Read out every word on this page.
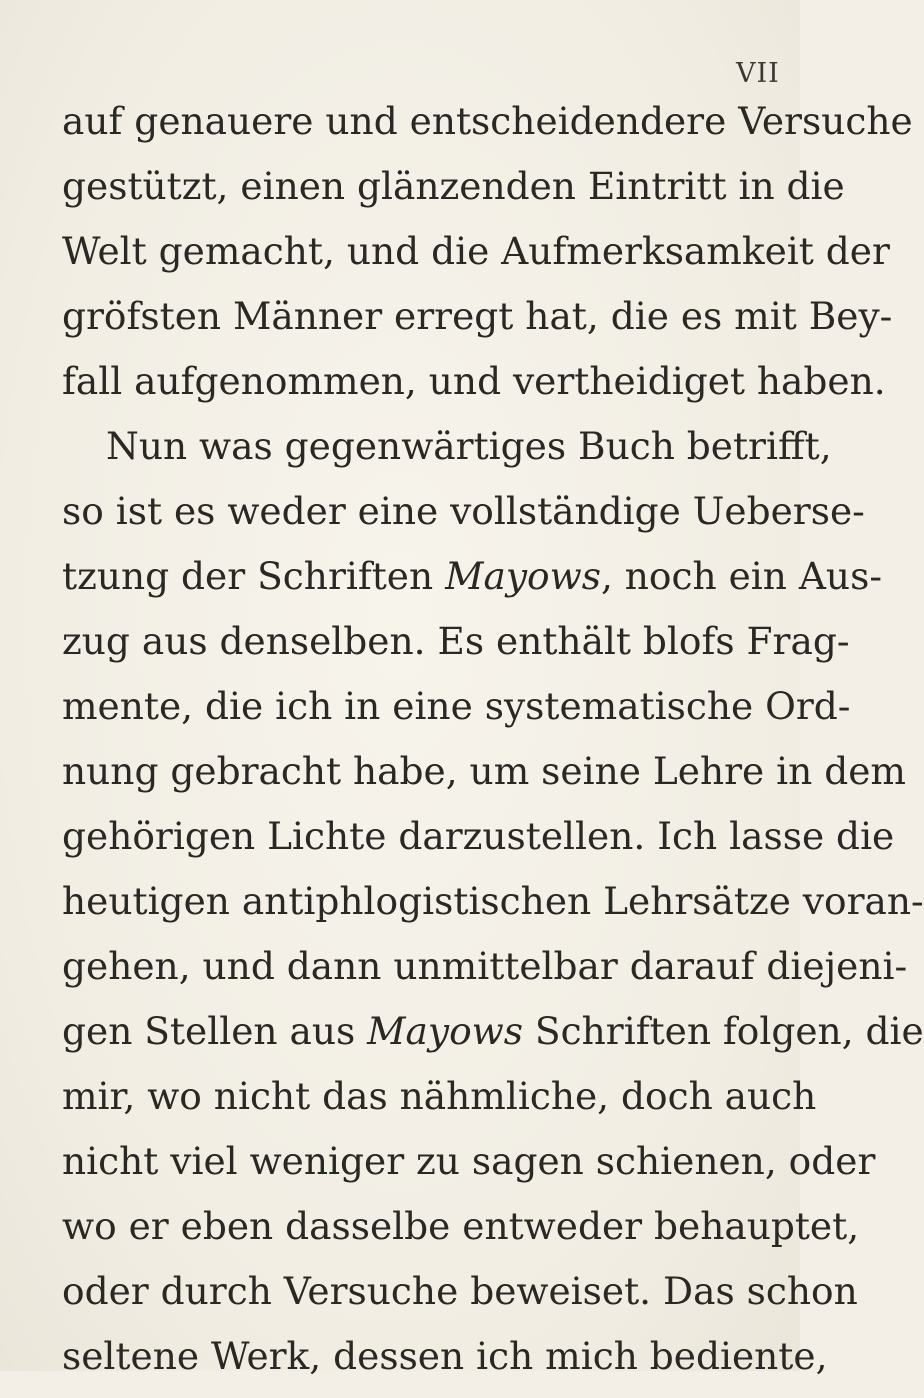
VII
auf genauere und entscheidendere Versuche
gestützt, einen glänzenden Eintritt in die
Welt gemacht, und die Aufmerksamkeit der
gröfsten Männer erregt hat, die es mit Bey-
fall aufgenommen, und vertheidiget haben.
Nun was gegenwärtiges Buch betrifft,
so ist es weder eine vollständige Ueberse-
tzung der Schriften Mayows, noch ein Aus-
zug aus denselben. Es enthält blofs Frag-
mente, die ich in eine systematische Ord-
nung gebracht habe, um seine Lehre in dem
gehörigen Lichte darzustellen. Ich lasse die
heutigen antiphlogistischen Lehrsätze voran-
gehen, und dann unmittelbar darauf diejeni-
gen Stellen aus Mayows Schriften folgen, die
mir, wo nicht das nähmliche, doch auch
nicht viel weniger zu sagen schienen, oder
wo er eben dasselbe entweder behauptet,
oder durch Versuche beweiset. Das schon
seltene Werk, dessen ich mich bediente,
